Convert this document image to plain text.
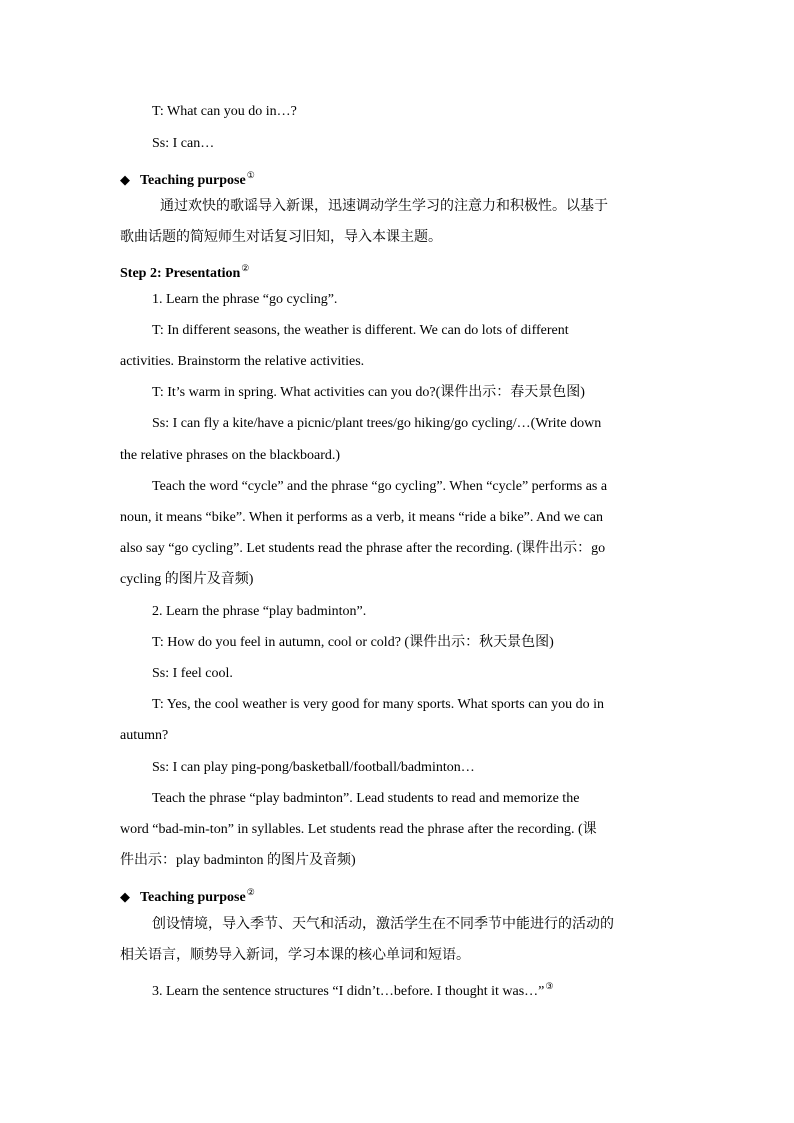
T: What can you do in…?
Ss: I can…
◆ Teaching purpose①
通过欢快的歌谣导入新课，迅速调动学生学习的注意力和积极性。以基于
歌曲话题的简短师生对话复习旧知，导入本课主题。
Step 2: Presentation②
1. Learn the phrase “go cycling”.
T: In different seasons, the weather is different. We can do lots of different
activities. Brainstorm the relative activities.
T: It’s warm in spring. What activities can you do?(课件出示：春天景色图)
Ss: I can fly a kite/have a picnic/plant trees/go hiking/go cycling/…(Write down
the relative phrases on the blackboard.)
Teach the word “cycle” and the phrase “go cycling”. When “cycle” performs as a
noun, it means “bike”. When it performs as a verb, it means “ride a bike”. And we can
also say “go cycling”. Let students read the phrase after the recording. (课件出示：go
cycling 的图片及音频)
2. Learn the phrase “play badminton”.
T: How do you feel in autumn, cool or cold? (课件出示：秋天景色图)
Ss: I feel cool.
T: Yes, the cool weather is very good for many sports. What sports can you do in
autumn?
Ss: I can play ping-pong/basketball/football/badminton…
Teach the phrase “play badminton”. Lead students to read and memorize the
word “bad-min-ton” in syllables. Let students read the phrase after the recording. (课
件出示：play badminton 的图片及音频)
◆ Teaching purpose②
创设情境，导入季节、天气和活动，激活学生在不同季节中能进行的活动的
相关语言，顺势导入新词，学习本课的核心单词和短语。
3. Learn the sentence structures “I didn’t…before. I thought it was…”③
